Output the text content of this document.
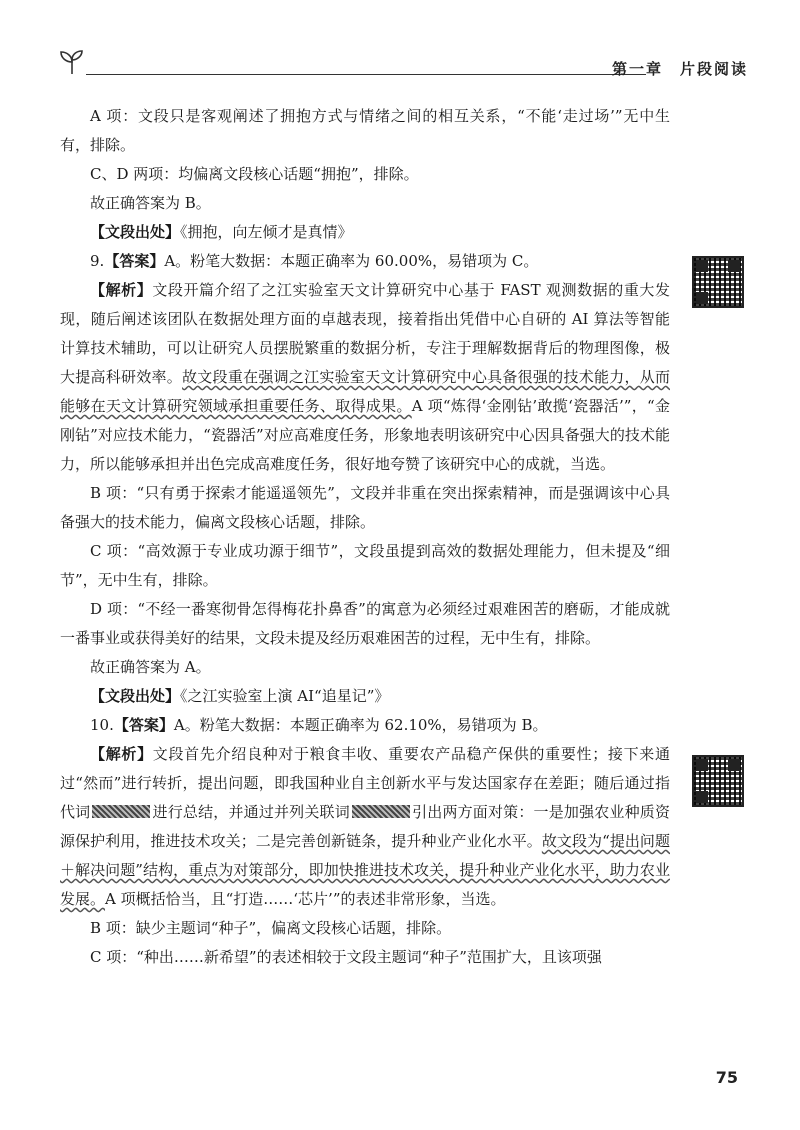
第一章　片段阅读

A 项：文段只是客观阐述了拥抱方式与情绪之间的相互关系，“不能‘走过场’”无中生有，排除。

C、D 两项：均偏离文段核心话题“拥抱”，排除。

故正确答案为 B。

【文段出处】《拥抱，向左倾才是真情》

9.【答案】A。粉笔大数据：本题正确率为 60.00%，易错项为 C。

【解析】文段开篇介绍了之江实验室天文计算研究中心基于 FAST 观测数据的重大发现，随后阐述该团队在数据处理方面的卓越表现，接着指出凭借中心自研的 AI 算法等智能计算技术辅助，可以让研究人员摆脱繁重的数据分析，专注于理解数据背后的物理图像，极大提高科研效率。故文段重在强调之江实验室天文计算研究中心具备很强的技术能力，从而能够在天文计算研究领域承担重要任务、取得成果。A 项“炼得‘金刚钻’敢揽‘瓷器活’”，“金刚钻”对应技术能力，“瓷器活”对应高难度任务，形象地表明该研究中心因具备强大的技术能力，所以能够承担并出色完成高难度任务，很好地夸赞了该研究中心的成就，当选。

B 项：“只有勇于探索才能遥遥领先”，文段并非重在突出探索精神，而是强调该中心具备强大的技术能力，偏离文段核心话题，排除。

C 项：“高效源于专业成功源于细节”，文段虽提到高效的数据处理能力，但未提及“细节”，无中生有，排除。

D 项：“不经一番寒彻骨怎得梅花扑鼻香”的寓意为必须经过艰难困苦的磨砺，才能成就一番事业或获得美好的结果，文段未提及经历艰难困苦的过程，无中生有，排除。

故正确答案为 A。

【文段出处】《之江实验室上演 AI“追星记”》

10.【答案】A。粉笔大数据：本题正确率为 62.10%，易错项为 B。

【解析】文段首先介绍良种对于粮食丰收、重要农产品稳产保供的重要性；接下来通过“然而”进行转折，提出问题，即我国种业自主创新水平与发达国家存在差距；随后通过指代词	进行总结，并通过并列关联词	引出两方面对策：一是加强农业种质资源保护利用，推进技术攻关；二是完善创新链条，提升种业产业化水平。故文段为“提出问题＋解决问题”结构，重点为对策部分，即加快推进技术攻关，提升种业产业化水平，助力农业发展。A 项概括恰当，且“打造……‘芯片’”的表述非常形象，当选。

B 项：缺少主题词“种子”，偏离文段核心话题，排除。

C 项：“种出……新希望”的表述相较于文段主题词“种子”范围扩大，且该项强

75
